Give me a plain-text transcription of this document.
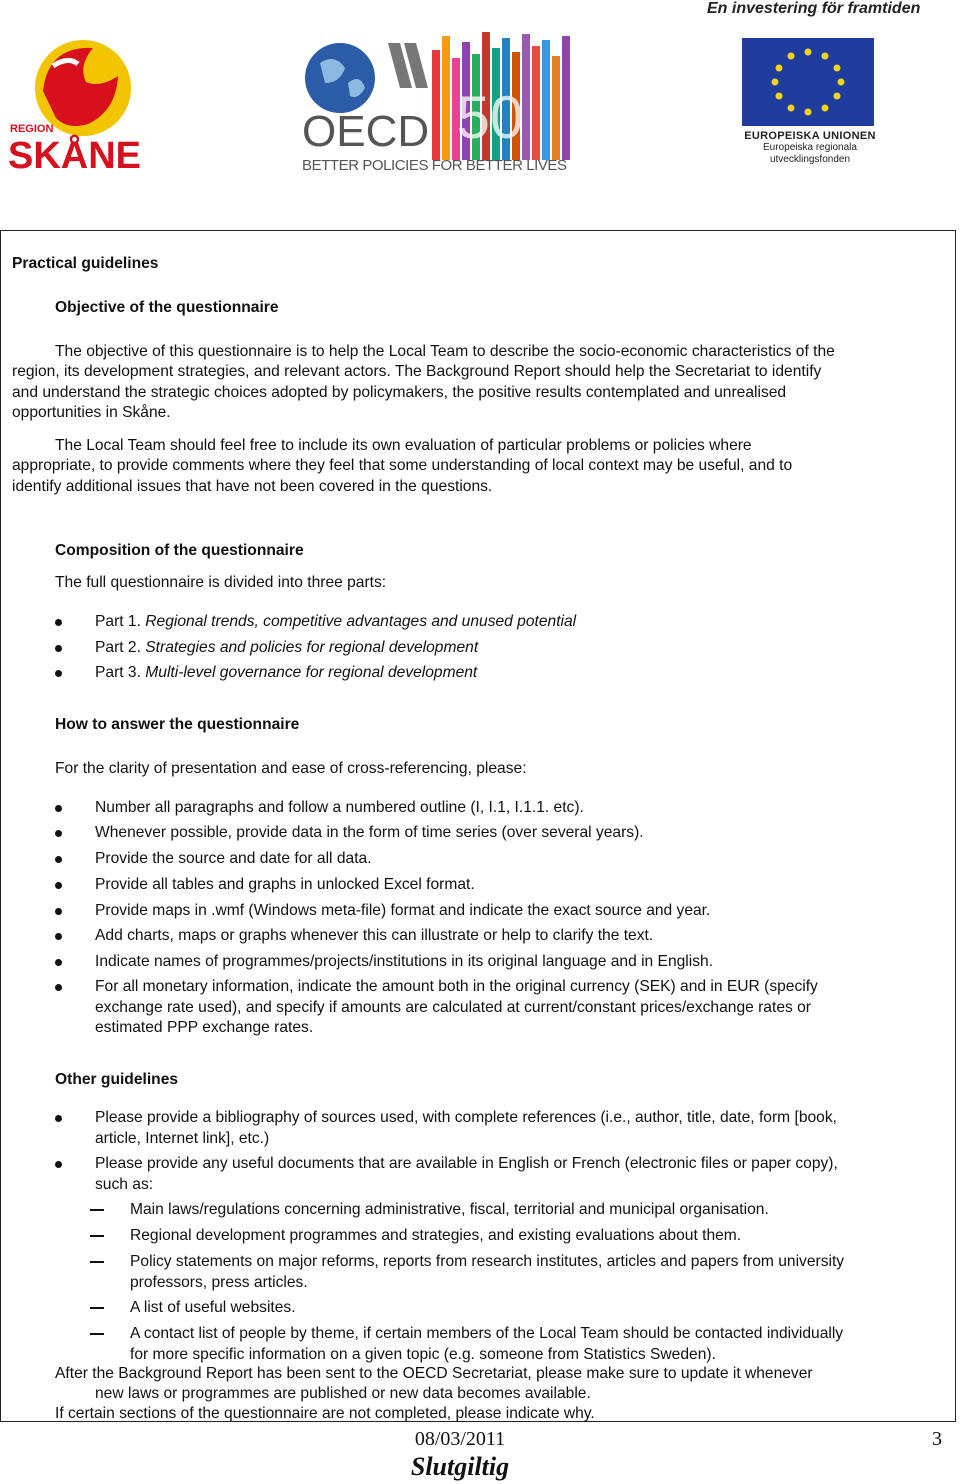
REGION
SKÅNE
50
OECD
BETTER POLICIES FOR BETTER LIVES
En investering för framtiden
EUROPEISKA UNIONEN
Europeiska regionala
utvecklingsfonden
Practical guidelines
Objective of the questionnaire
The objective of this questionnaire is to help the Local Team to describe the socio-economic characteristics of the
region, its development strategies, and relevant actors. The Background Report should help the Secretariat to identify
and understand the strategic choices adopted by policymakers, the positive results contemplated and unrealised
opportunities in Skåne.
The Local Team should feel free to include its own evaluation of particular problems or policies where
appropriate, to provide comments where they feel that some understanding of local context may be useful, and to
identify additional issues that have not been covered in the questions.
Composition of the questionnaire
The full questionnaire is divided into three parts:
Part 1. Regional trends, competitive advantages and unused potential
Part 2. Strategies and policies for regional development
Part 3. Multi-level governance for regional development
How to answer the questionnaire
For the clarity of presentation and ease of cross-referencing, please:
Number all paragraphs and follow a numbered outline (I, I.1, I.1.1. etc).
Whenever possible, provide data in the form of time series (over several years).
Provide the source and date for all data.
Provide all tables and graphs in unlocked Excel format.
Provide maps in .wmf (Windows meta-file) format and indicate the exact source and year.
Add charts, maps or graphs whenever this can illustrate or help to clarify the text.
Indicate names of programmes/projects/institutions in its original language and in English.
For all monetary information, indicate the amount both in the original currency (SEK) and in EUR (specify
exchange rate used), and specify if amounts are calculated at current/constant prices/exchange rates or
estimated PPP exchange rates.
Other guidelines
Please provide a bibliography of sources used, with complete references (i.e., author, title, date, form [book,
article, Internet link], etc.)
Please provide any useful documents that are available in English or French (electronic files or paper copy),
such as:
Main laws/regulations concerning administrative, fiscal, territorial and municipal organisation.
Regional development programmes and strategies, and existing evaluations about them.
Policy statements on major reforms, reports from research institutes, articles and papers from university
professors, press articles.
A list of useful websites.
A contact list of people by theme, if certain members of the Local Team should be contacted individually
for more specific information on a given topic (e.g. someone from Statistics Sweden).
After the Background Report has been sent to the OECD Secretariat, please make sure to update it whenever
new laws or programmes are published or new data becomes available.
If certain sections of the questionnaire are not completed, please indicate why.
08/03/2011	3
Slutgiltig
